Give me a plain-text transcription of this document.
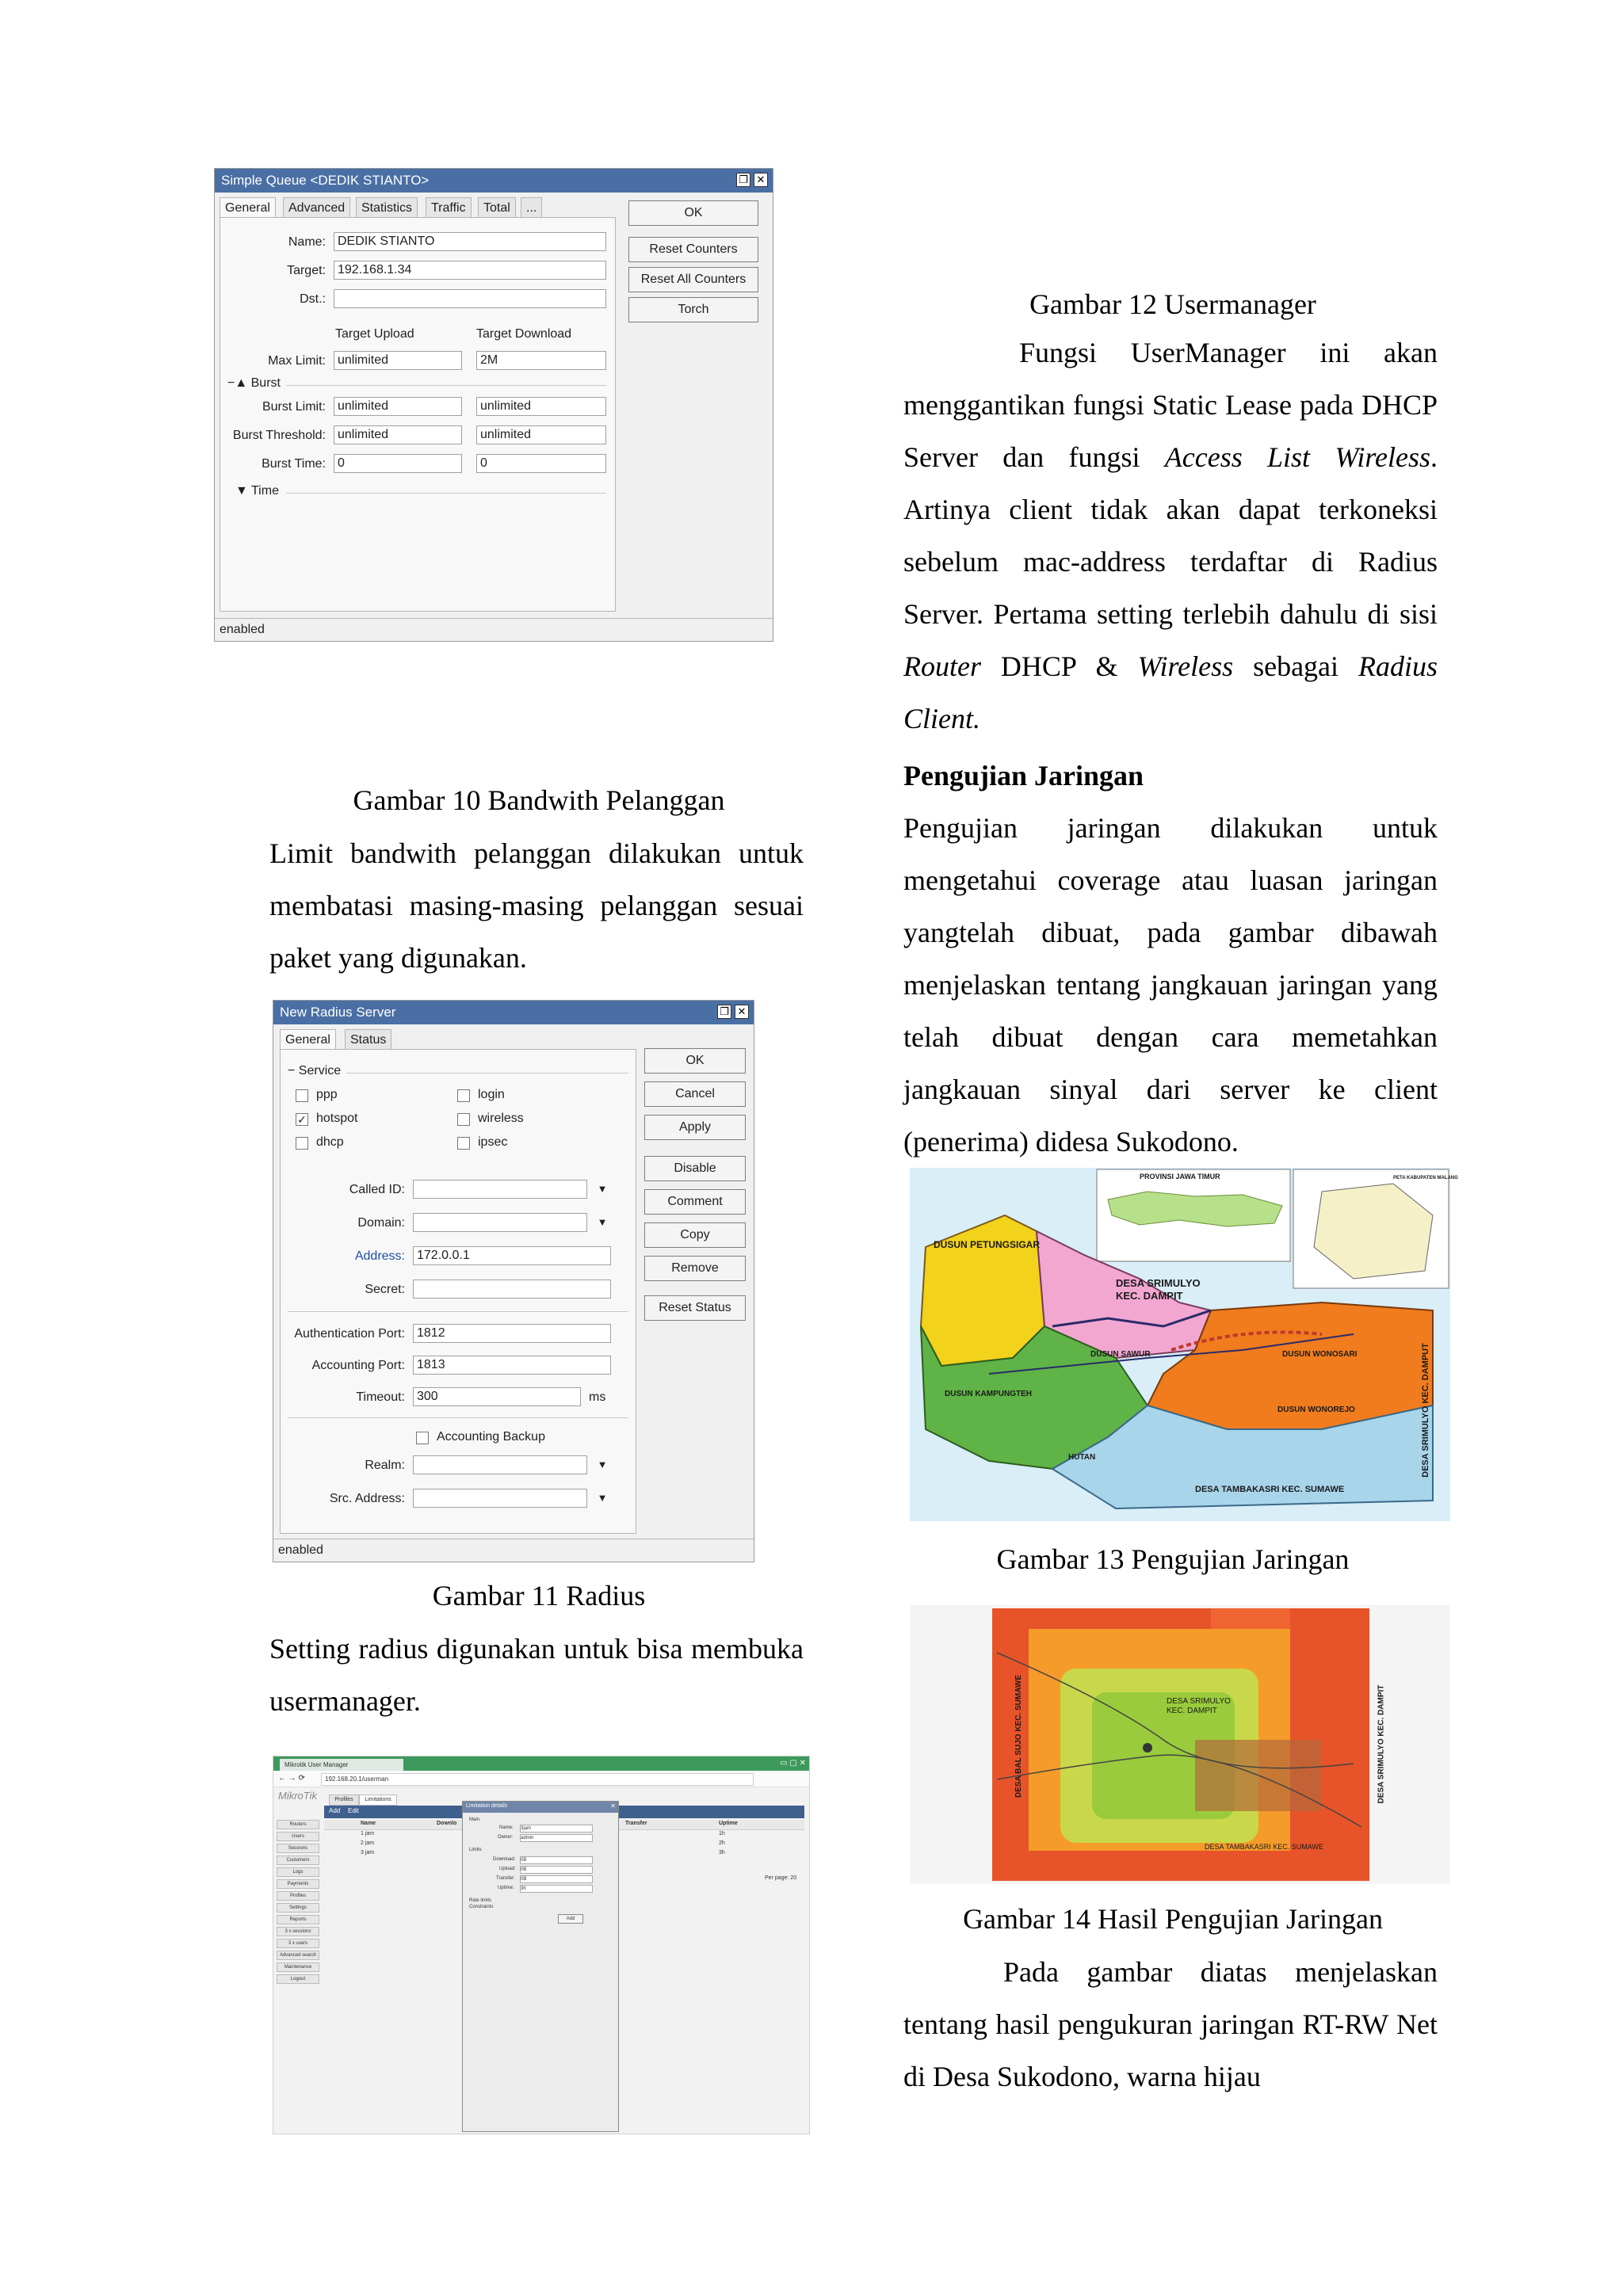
Simple Queue <DEDIK STIANTO>	❐ ✕
General	Advanced	Statistics	Traffic	Total	...
Name: DEDIK STIANTO
Target: 192.168.1.34
Dst.:
Target Upload	Target Download
Max Limit: unlimited	2M
−▲ Burst
Burst Limit: unlimited	unlimited
Burst Threshold: unlimited	unlimited
Burst Time: 0	0
▼ Time
OK
Reset Counters
Reset All Counters
Torch
enabled
Gambar 10 Bandwith Pelanggan
Limit bandwith pelanggan dilakukan untuk membatasi masing-masing pelanggan sesuai paket yang digunakan.
New Radius Server	❐ ✕
General	Status
− Service
ppp
✓ hotspot
dhcp
login
wireless
ipsec
Called ID:	▼
Domain:	▼
Address: 172.0.0.1
Secret:
Authentication Port: 1812
Accounting Port: 1813
Timeout: 300	ms
Accounting Backup
Realm:	▼
Src. Address:	▼
OK
Cancel
Apply
Disable
Comment
Copy
Remove
Reset Status
enabled
Gambar 11 Radius
Setting radius digunakan untuk bisa membuka usermanager.
Mikrotik User Manager	▭ ▢ ✕
← → ⟳	192.168.20.1/userman
MikroTik	Profiles	Limitations
Add Edit
Routers
Users
Sessions
Customers
Logs
Payments
Profiles
Settings
Reports
3 x sessions
3 x users
Advanced search
Maintenance
Logout
Name	Downlo	Transfer	Uptime
1 jam	1h
2 jam	2h
3 jam	3h
Per page: 20
Limitation details	✕
Main
Name: 3jam
Owner: admin
Limits
Download: 0B
Upload: 0B
Transfer: 0B
Uptime: 3h
Rate limits
Constraints
Add
Gambar 12 Usermanager
Fungsi UserManager ini akan menggantikan fungsi Static Lease pada DHCP Server dan fungsi Access List Wireless. Artinya client tidak akan dapat terkoneksi sebelum mac-address terdaftar di Radius Server. Pertama setting terlebih dahulu di sisi Router DHCP & Wireless sebagai Radius Client.
Pengujian Jaringan
Pengujian jaringan dilakukan untuk mengetahui coverage atau luasan jaringan yangtelah dibuat, pada gambar dibawah menjelaskan tentang jangkauan jaringan yang telah dibuat dengan cara memetahkan jangkauan sinyal dari server ke client (penerima) didesa Sukodono.
PROVINSI JAWA TIMUR	PETA KABUPATEN MALANG
DUSUN PETUNGSIGAR
DESA SRIMULYO
KEC. DAMPIT
DUSUN SAWUR	DUSUN WONOSARI
DUSUN KAMPUNGTEH
DUSUN WONOREJO
HUTAN
DESA TAMBAKASRI KEC. SUMAWE
DESA SRIMULYO KEC. DAMPUT
Gambar 13 Pengujian Jaringan
DESA SRIMULYO
KEC. DAMPIT
DESA TAMBAKASRI KEC. SUMAWE
DESA BAL SUJO KEC. SUMAWE	DESA SRIMULYO KEC. DAMPIT
Gambar 14 Hasil Pengujian Jaringan
Pada gambar diatas menjelaskan tentang hasil pengukuran jaringan RT-RW Net di Desa Sukodono, warna hijau
